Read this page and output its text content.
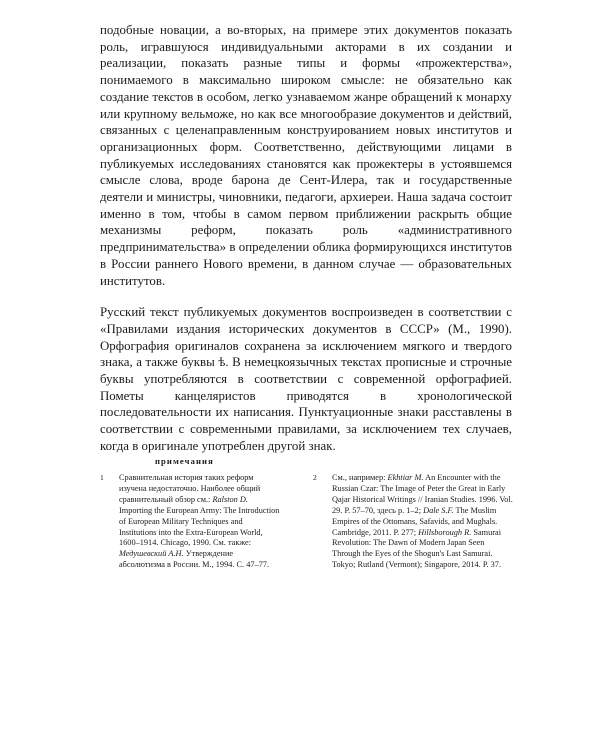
подобные новации, а во-вторых, на примере этих документов показать роль, игравшуюся индивидуальными акторами в их создании и реализации, показать разные типы и формы «прожектерства», понимаемого в максимально широком смысле: не обязательно как создание текстов в особом, легко узнаваемом жанре обращений к монарху или крупному вельможе, но как все многообразие документов и действий, связанных с целенаправленным конструированием новых институтов и организационных форм. Соответственно, действующими лицами в публикуемых исследованиях становятся как прожектеры в устоявшемся смысле слова, вроде барона де Сент-Илера, так и государственные деятели и министры, чиновники, педагоги, архиереи. Наша задача состоит именно в том, чтобы в самом первом приближении раскрыть общие механизмы реформ, показать роль «административного предпринимательства» в определении облика формирующихся институтов в России раннего Нового времени, в данном случае — образовательных институтов.

Русский текст публикуемых документов воспроизведен в соответствии с «Правилами издания исторических документов в СССР» (М., 1990). Орфография оригиналов сохранена за исключением мягкого и твердого знака, а также буквы ѣ. В немецкоязычных текстах прописные и строчные буквы употребляются в соответствии с современной орфографией. Пометы канцеляристов приводятся в хронологической последовательности их написания. Пунктуационные знаки расставлены в соответствии с современными правилами, за исключением тех случаев, когда в оригинале употреблен другой знак.

примечания
1 Сравнительная история таких реформ изучена недостаточно. Наиболее общий сравнительный обзор см.: Ralston D. Importing the European Army: The Introduction of European Military Techniques and Institutions into the Extra-European World, 1600–1914. Chicago, 1990. См. также: Медушевский А.Н. Утверждение абсолютизма в России. М., 1994. С. 47–77.
2 См., например: Ekhtiar M. An Encounter with the Russian Czar: The Image of Peter the Great in Early Qajar Historical Writings // Iranian Studies. 1996. Vol. 29. P. 57–70, здесь p. 1–2; Dale S.F. The Muslim Empires of the Ottomans, Safavids, and Mughals. Cambridge, 2011. P. 277; Hillsborough R. Samurai Revolution: The Dawn of Modern Japan Seen Through the Eyes of the Shogun's Last Samurai. Tokyo; Rutland (Vermont); Singapore, 2014. P. 37.
